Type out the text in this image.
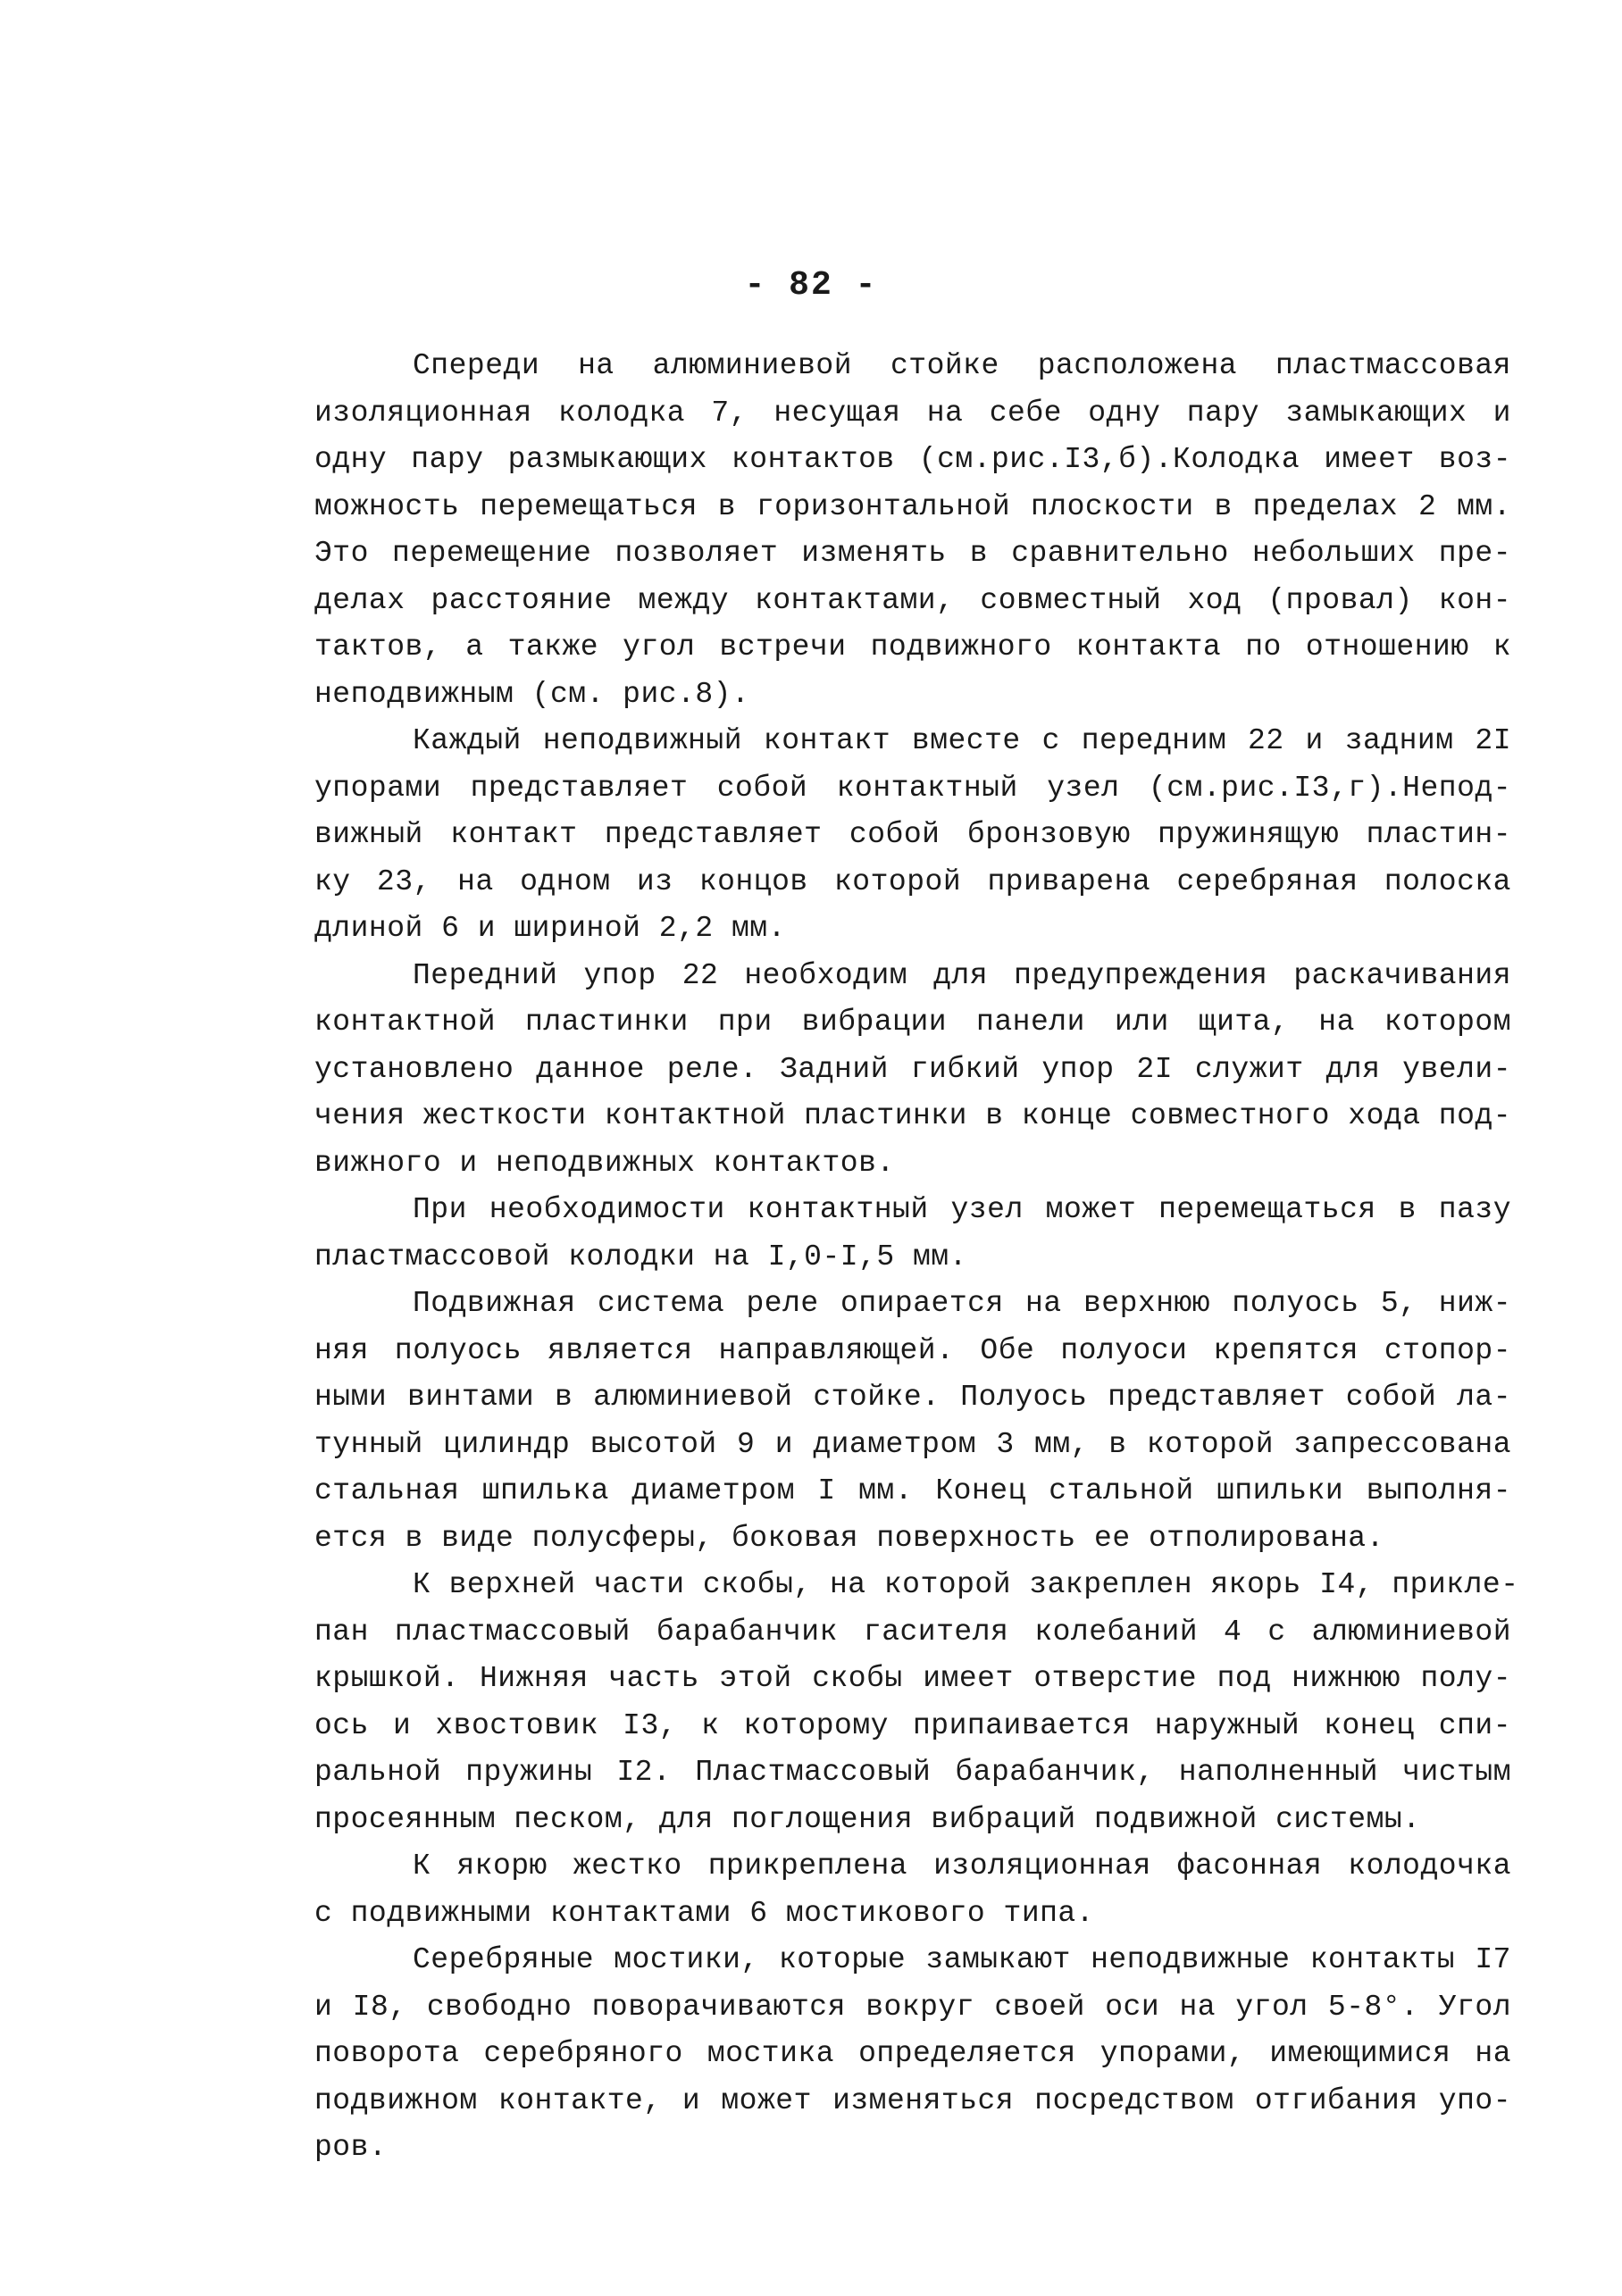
- 82 -

Спереди на алюминиевой стойке расположена пластмассовая

изоляционная колодка 7, несущая на себе одну пару замыкающих и

одну пару размыкающих контактов (см.рис.I3,б).Колодка имеет воз-

можность перемещаться в горизонтальной плоскости в пределах 2 мм.

Это перемещение позволяет изменять в сравнительно небольших пре-

делах расстояние между контактами, совместный ход (провал) кон-

тактов, а также угол встречи подвижного контакта по отношению к

неподвижным (см. рис.8).

Каждый неподвижный контакт вместе с передним 22 и задним 2I

упорами представляет собой контактный узел (см.рис.I3,г).Непод-

вижный контакт представляет собой бронзовую пружинящую пластин-

ку 23, на одном из концов которой приварена серебряная полоска

длиной 6 и шириной 2,2 мм.

Передний упор 22 необходим для предупреждения раскачивания

контактной пластинки при вибрации панели или щита, на котором

установлено данное реле. Задний гибкий упор 2I служит для увели-

чения жесткости контактной пластинки в конце совместного хода под-

вижного и неподвижных контактов.

При необходимости контактный узел может перемещаться в пазу

пластмассовой колодки на I,0-I,5 мм.

Подвижная система реле опирается на верхнюю полуось 5, ниж-

няя полуось является направляющей. Обе полуоси крепятся стопор-

ными винтами в алюминиевой стойке. Полуось представляет собой ла-

тунный цилиндр высотой 9 и диаметром 3 мм, в которой запрессована

стальная шпилька диаметром I мм. Конец стальной шпильки выполня-

ется в виде полусферы, боковая поверхность ее отполирована.

К верхней части скобы, на которой закреплен якорь I4, прикле-

пан пластмассовый барабанчик гасителя колебаний 4 с алюминиевой

крышкой. Нижняя часть этой скобы имеет отверстие под нижнюю полу-

ось и хвостовик I3, к которому припаивается наружный конец спи-

ральной пружины I2. Пластмассовый барабанчик, наполненный чистым

просеянным песком, для поглощения вибраций подвижной системы.

К якорю жестко прикреплена изоляционная фасонная колодочка

с подвижными контактами 6 мостикового типа.

Серебряные мостики, которые замыкают неподвижные контакты I7

и I8, свободно поворачиваются вокруг своей оси на угол 5-8°. Угол

поворота серебряного мостика определяется упорами, имеющимися на

подвижном контакте, и может изменяться посредством отгибания упо-

ров.
